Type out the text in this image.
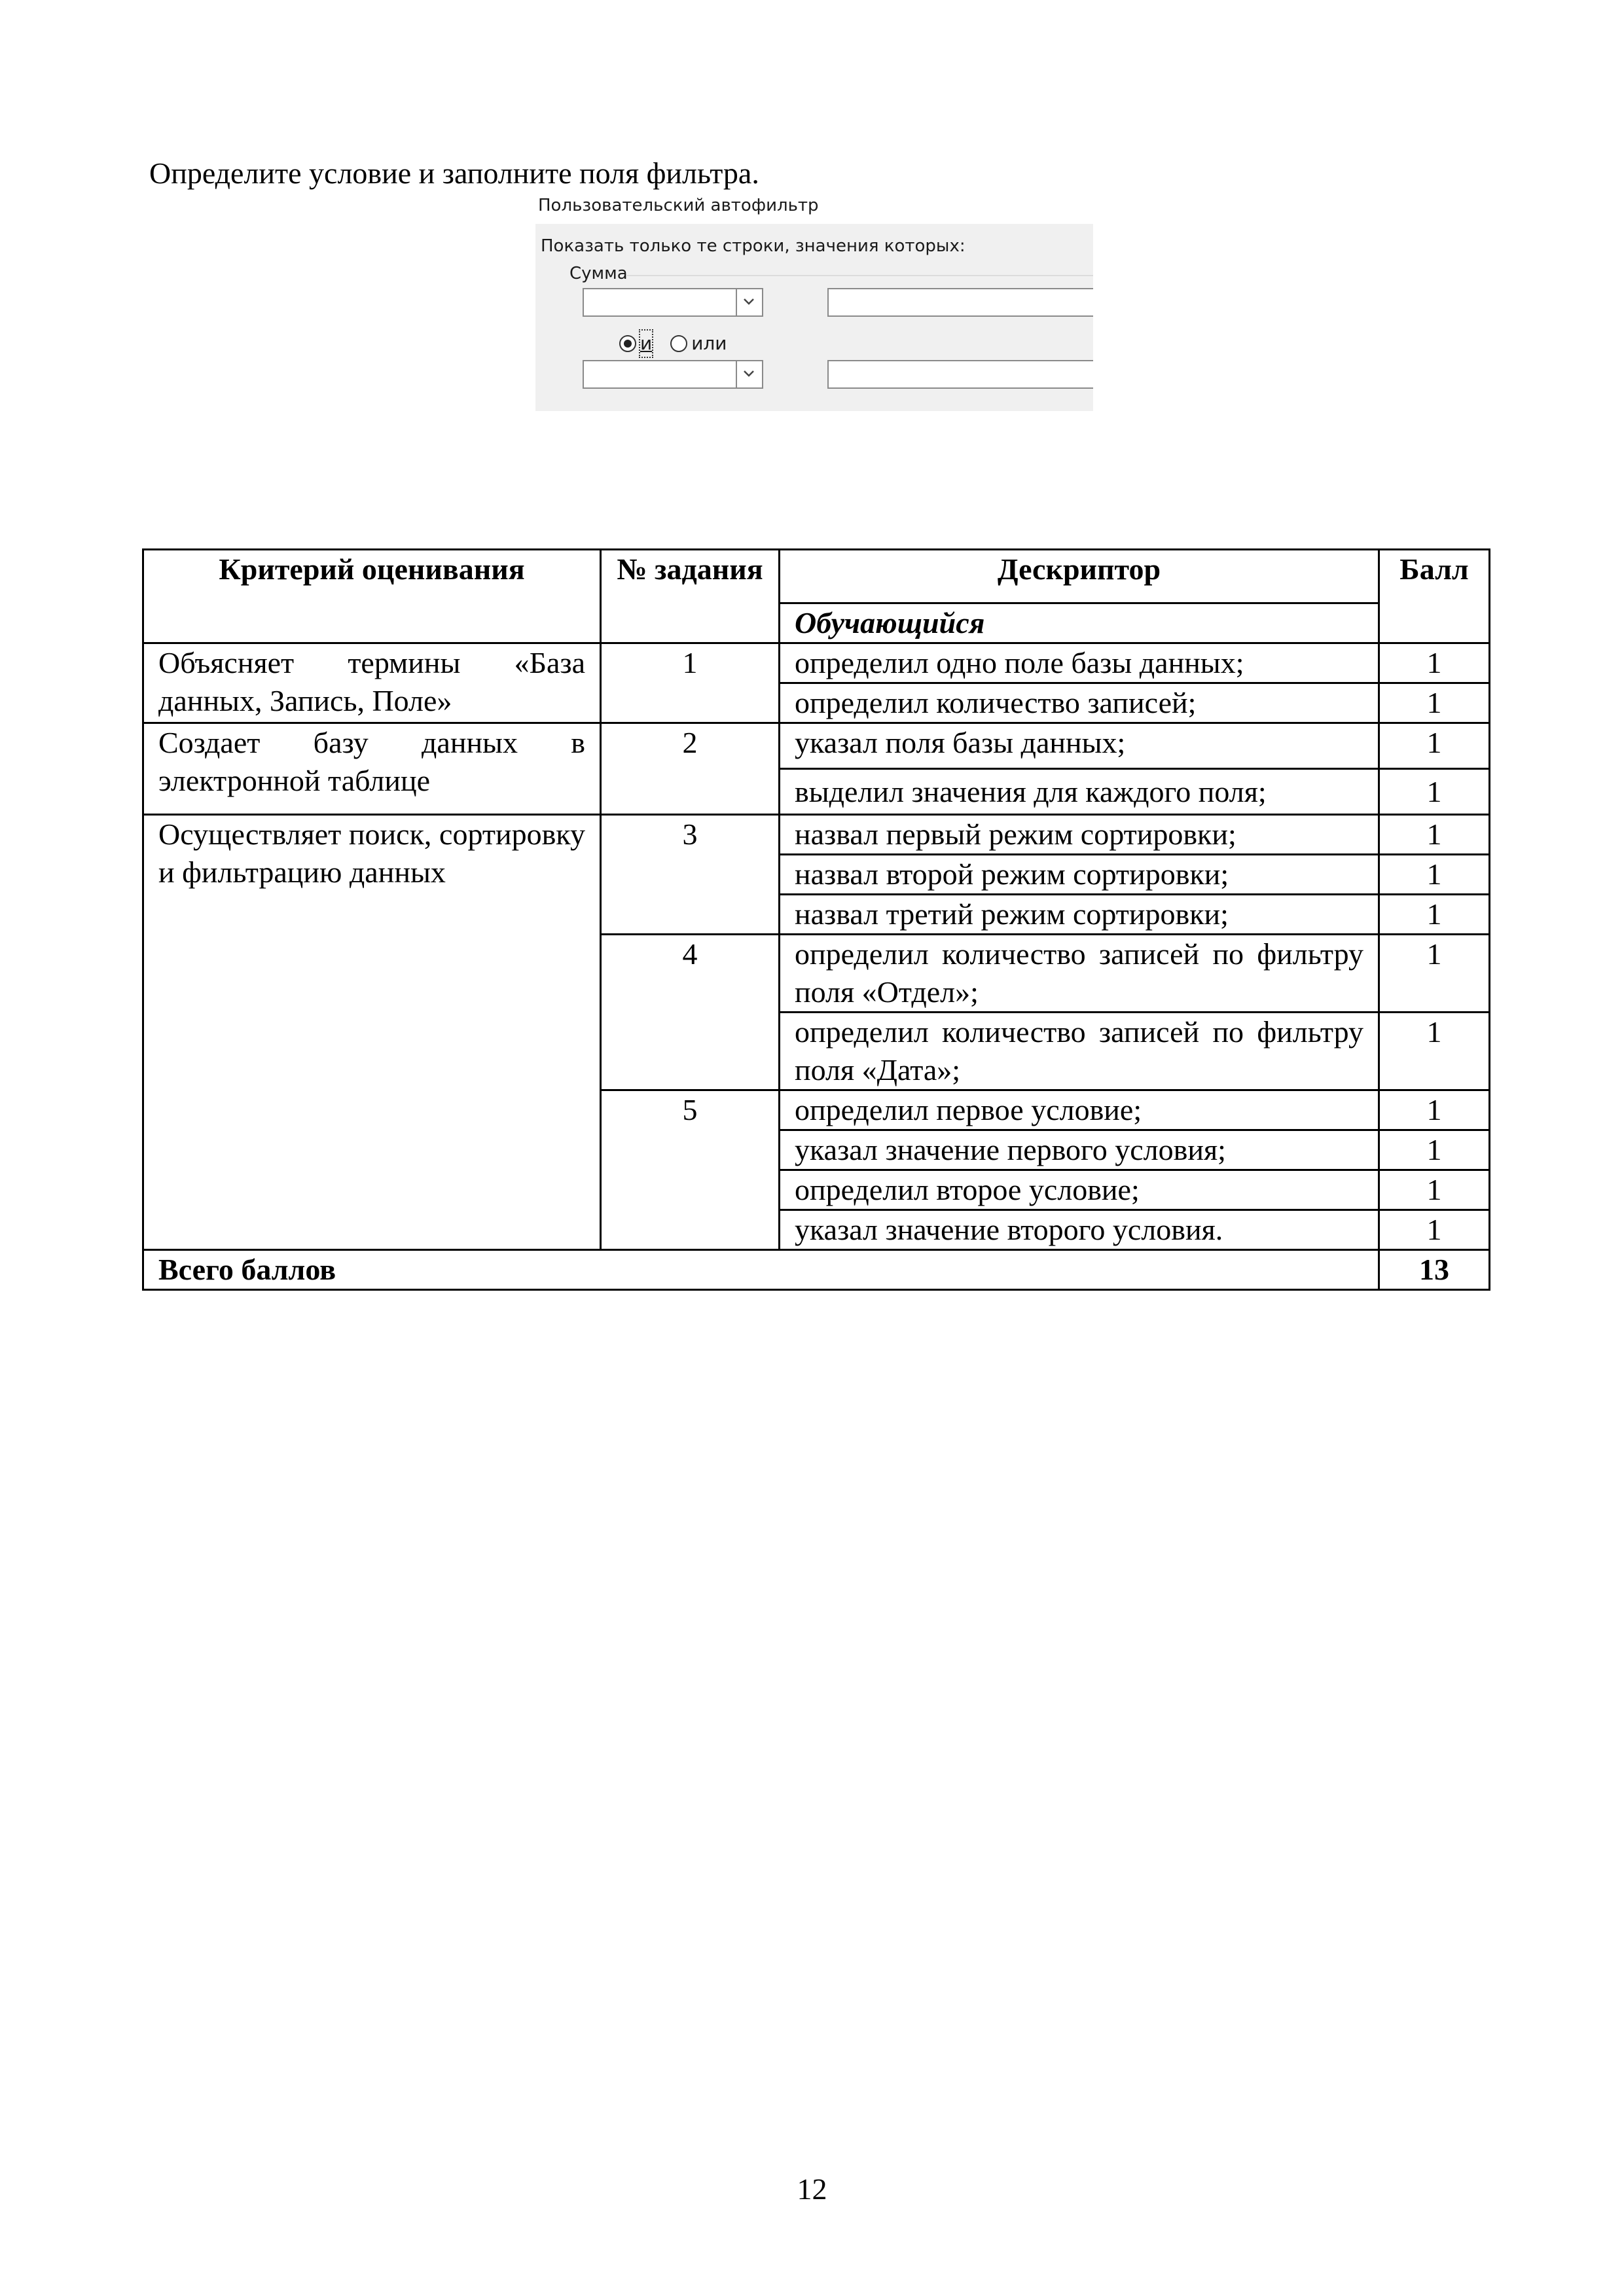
Определите условие и заполните поля фильтра.
Пользовательский автофильтр
Показать только те строки, значения которых:
Сумма
и или
Критерий оценивания	№ задания	Дескриптор	Балл
		Обучающийся	
Объясняет термины «База данных, Запись, Поле»	1	определил одно поле базы данных;	1
		определил количество записей;	1
Создает базу данных в электронной таблице	2	указал поля базы данных;	1
		выделил значения для каждого поля;	1
Осуществляет поиск, сортировку и фильтрацию данных	3	назвал первый режим сортировки;	1
		назвал второй режим сортировки;	1
		назвал третий режим сортировки;	1
	4	определил количество записей по фильтру поля «Отдел»;	1
		определил количество записей по фильтру поля «Дата»;	1
	5	определил первое условие;	1
		указал значение первого условия;	1
		определил второе условие;	1
		указал значение второго условия.	1
Всего баллов			13
12
